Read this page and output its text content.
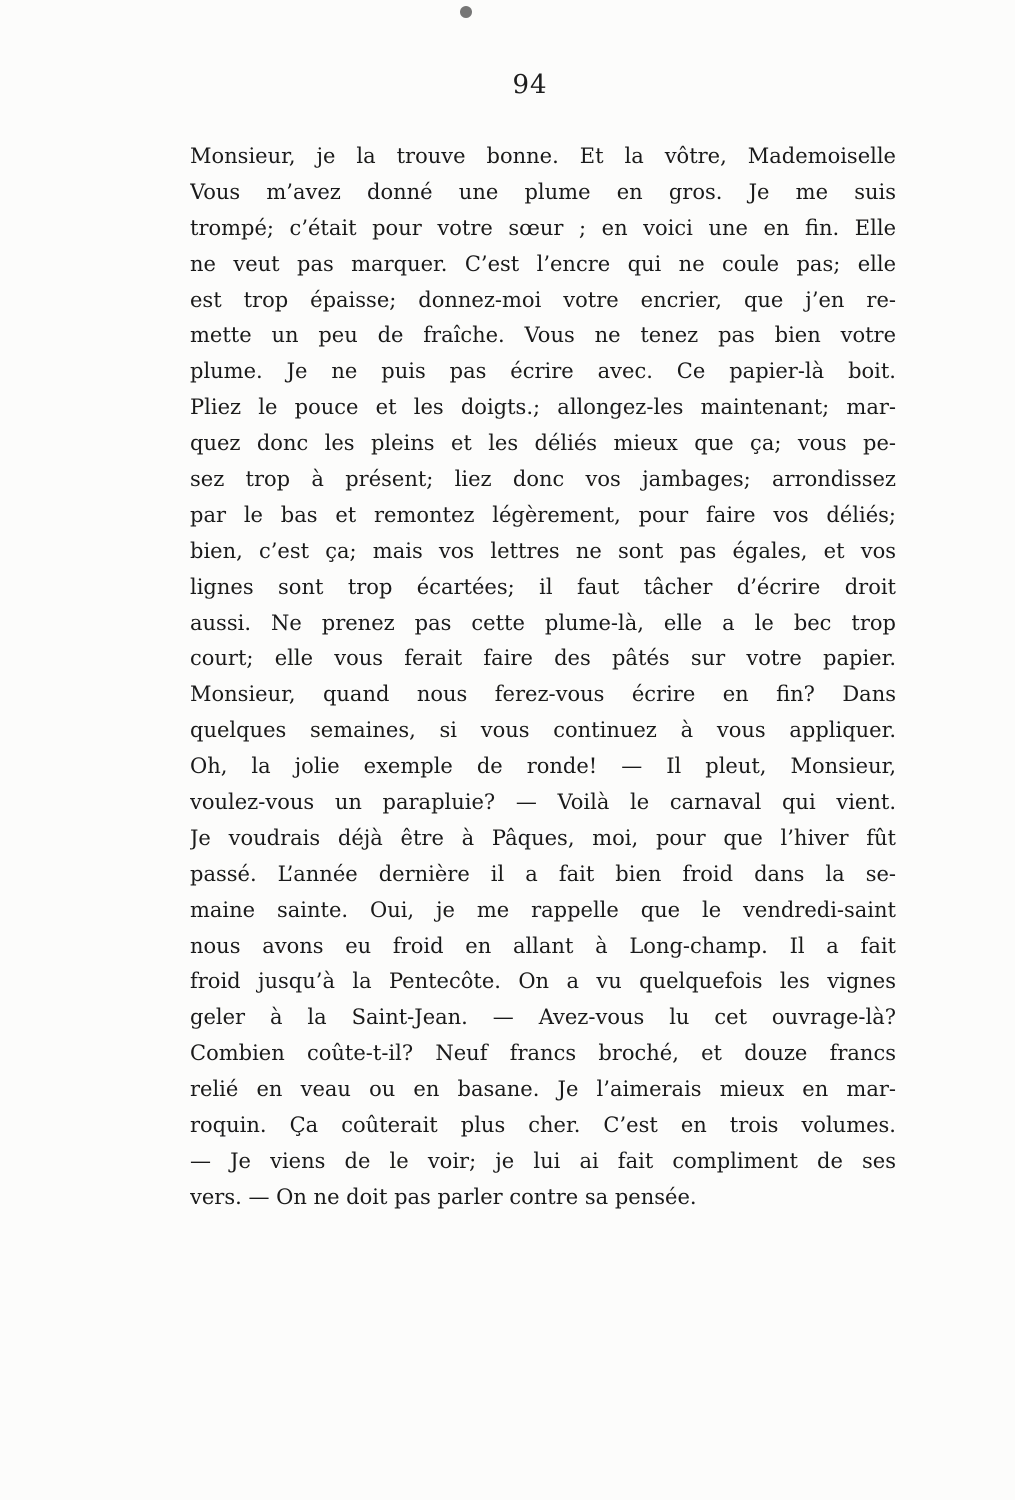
94
Monsieur, je la trouve bonne. Et la vôtre, Mademoiselle
Vous m’avez donné une plume en gros. Je me suis
trompé; c’était pour votre sœur ; en voici une en fin. Elle
ne veut pas marquer. C’est l’encre qui ne coule pas; elle
est trop épaisse; donnez-moi votre encrier, que j’en re-
mette un peu de fraîche. Vous ne tenez pas bien votre
plume. Je ne puis pas écrire avec. Ce papier-là boit.
Pliez le pouce et les doigts.; allongez-les maintenant; mar-
quez donc les pleins et les déliés mieux que ça; vous pe-
sez trop à présent; liez donc vos jambages; arrondissez
par le bas et remontez légèrement, pour faire vos déliés;
bien, c’est ça; mais vos lettres ne sont pas égales, et vos
lignes sont trop écartées; il faut tâcher d’écrire droit
aussi. Ne prenez pas cette plume-là, elle a le bec trop
court; elle vous ferait faire des pâtés sur votre papier.
Monsieur, quand nous ferez-vous écrire en fin? Dans
quelques semaines, si vous continuez à vous appliquer.
Oh, la jolie exemple de ronde! — Il pleut, Monsieur,
voulez-vous un parapluie? — Voilà le carnaval qui vient.
Je voudrais déjà être à Pâques, moi, pour que l’hiver fût
passé. L’année dernière il a fait bien froid dans la se-
maine sainte. Oui, je me rappelle que le vendredi-saint
nous avons eu froid en allant à Long-champ. Il a fait
froid jusqu’à la Pentecôte. On a vu quelquefois les vignes
geler à la Saint-Jean. — Avez-vous lu cet ouvrage-là?
Combien coûte-t-il? Neuf francs broché, et douze francs
relié en veau ou en basane. Je l’aimerais mieux en mar-
roquin. Ça coûterait plus cher. C’est en trois volumes.
— Je viens de le voir; je lui ai fait compliment de ses
vers. — On ne doit pas parler contre sa pensée.
